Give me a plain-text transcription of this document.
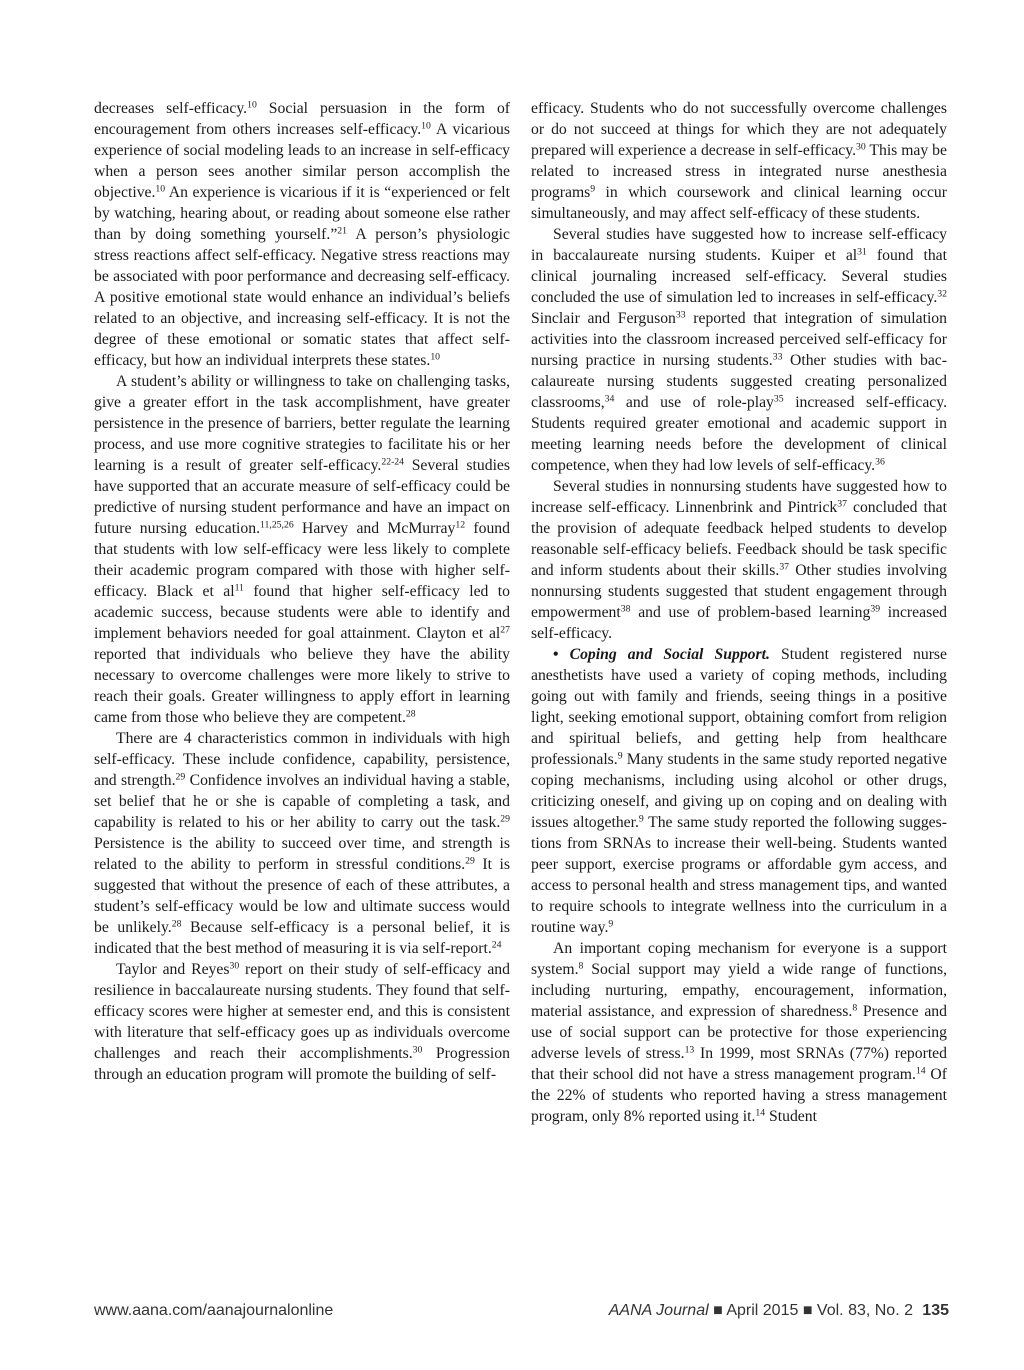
decreases self-efficacy.$^{10}$ Social persuasion in the form of encouragement from others increases self-efficacy.$^{10}$ A vicarious experience of social modeling leads to an increase in self-efficacy when a person sees another similar person accomplish the objective.$^{10}$ An experience is vicarious if it is “experienced or felt by watching, hearing about, or reading about someone else rather than by doing something yourself.”$^{21}$ A person’s physiologic stress reactions affect self-efficacy. Negative stress reactions may be associated with poor performance and decreasing self-efficacy. A positive emotional state would enhance an individual’s beliefs related to an objective, and increasing self-efficacy. It is not the degree of these emotional or somatic states that affect self-efficacy, but how an individual interprets these states.$^{10}$

A student’s ability or willingness to take on challenging tasks, give a greater effort in the task accomplishment, have greater persistence in the presence of barriers, better regulate the learning process, and use more cognitive strategies to facilitate his or her learning is a result of greater self-efficacy.$^{22-24}$ Several studies have supported that an accurate measure of self-efficacy could be predictive of nursing student performance and have an impact on future nursing education.$^{11,25,26}$ Harvey and McMurray$^{12}$ found that students with low self-efficacy were less likely to complete their academic program compared with those with higher self-efficacy. Black et $al^{11}$ found that higher self-efficacy led to academic success, because students were able to identify and implement behaviors needed for goal attainment. Clayton et $al^{27}$ reported that individuals who believe they have the ability necessary to overcome challenges were more likely to strive to reach their goals. Greater willingness to apply effort in learning came from those who believe they are competent.$^{28}$

There are 4 characteristics common in individuals with high self-efficacy. These include confidence, capability, persistence, and strength.$^{29}$ Confidence involves an individual having a stable, set belief that he or she is capable of completing a task, and capability is related to his or her ability to carry out the task.$^{29}$ Persistence is the ability to succeed over time, and strength is related to the ability to perform in stressful conditions.$^{29}$ It is suggested that without the presence of each of these attributes, a student’s self-efficacy would be low and ultimate success would be unlikely.$^{28}$ Because self-efficacy is a personal belief, it is indicated that the best method of measuring it is via self-report.$^{24}$

Taylor and Reyes$^{30}$ report on their study of self-efficacy and resilience in baccalaureate nursing students. They found that self-efficacy scores were higher at semester end, and this is consistent with literature that self-efficacy goes up as individuals overcome challenges and reach their accomplishments.$^{30}$ Progression through an education program will promote the building of self-

efficacy. Students who do not successfully overcome challenges or do not succeed at things for which they are not adequately prepared will experience a decrease in self-efficacy.$^{30}$ This may be related to increased stress in integrated nurse anesthesia programs$^9$ in which coursework and clinical learning occur simultaneously, and may affect self-efficacy of these students.

Several studies have suggested how to increase self-efficacy in baccalaureate nursing students. Kuiper et $al^{31}$ found that clinical journaling increased self-efficacy. Several studies concluded the use of simulation led to increases in self-efficacy.$^{32}$ Sinclair and Ferguson$^{33}$ reported that integration of simulation activities into the classroom increased perceived self-efficacy for nursing practice in nursing students.$^{33}$ Other studies with baccalaureate nursing students suggested creating personalized classrooms,$^{34}$ and use of role-play$^{35}$ increased self-efficacy. Students required greater emotional and academic support in meeting learning needs before the development of clinical competence, when they had low levels of self-efficacy.$^{36}$

Several studies in nonnursing students have suggested how to increase self-efficacy. Linnenbrink and Pintrick$^{37}$ concluded that the provision of adequate feedback helped students to develop reasonable self-efficacy beliefs. Feedback should be task specific and inform students about their skills.$^{37}$ Other studies involving nonnursing students suggested that student engagement through empowerment$^{38}$ and use of problem-based learning$^{39}$ increased self-efficacy.

• Coping and Social Support. Student registered nurse anesthetists have used a variety of coping methods, including going out with family and friends, seeing things in a positive light, seeking emotional support, obtaining comfort from religion and spiritual beliefs, and getting help from healthcare professionals.$^9$ Many students in the same study reported negative coping mechanisms, including using alcohol or other drugs, criticizing oneself, and giving up on coping and on dealing with issues altogether.$^9$ The same study reported the following suggestions from SRNAs to increase their well-being. Students wanted peer support, exercise programs or affordable gym access, and access to personal health and stress management tips, and wanted to require schools to integrate wellness into the curriculum in a routine way.$^9$

An important coping mechanism for everyone is a support system.$^8$ Social support may yield a wide range of functions, including nurturing, empathy, encouragement, information, material assistance, and expression of sharedness.$^8$ Presence and use of social support can be protective for those experiencing adverse levels of stress.$^{13}$ In 1999, most SRNAs (77%) reported that their school did not have a stress management program.$^{14}$ Of the 22% of students who reported having a stress management program, only 8% reported using it.$^{14}$ Student

www.aana.com/aanajournalonline	AANA Journal ■ April 2015 ■ Vol. 83, No. 2 135
